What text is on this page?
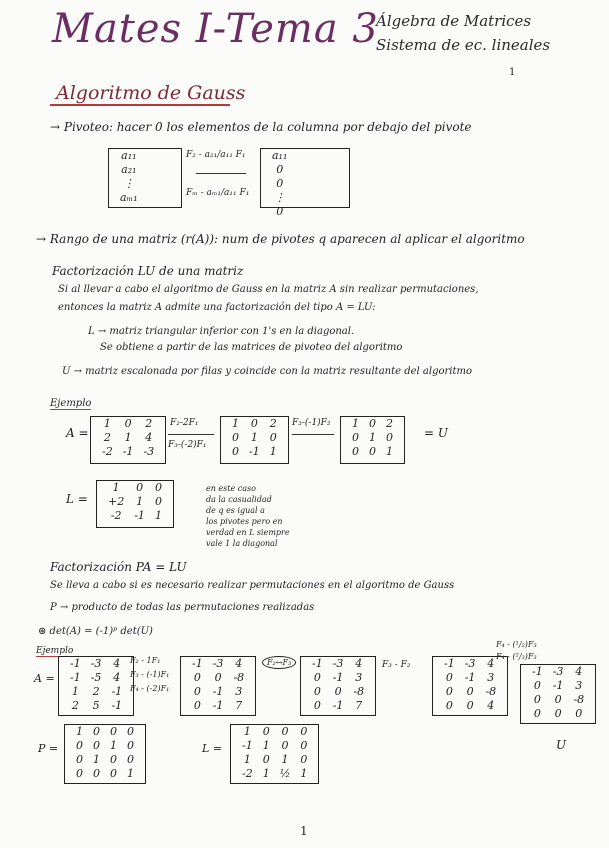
Mates I-Tema 3
Álgebra de Matrices
Sistema de ec. lineales
1
Algoritmo de Gauss
→ Pivoteo: hacer 0 los elementos de la columna por debajo del pivote
a₁₁		
a₂₁		
⋮		
aₘ₁		
F₂ - a₂₁/a₁₁ F₁
Fₘ - aₘ₁/a₁₁ F₁
a₁₁
0
0
⋮
0
→ Rango de una matriz (r(A)): num de pivotes q aparecen al aplicar el algoritmo
Factorización LU de una matriz
Si al llevar a cabo el algoritmo de Gauss en la matriz A sin realizar permutaciones,
entonces la matriz A admite una factorización del tipo A = LU:
L → matriz triangular inferior con 1's en la diagonal.
Se obtiene a partir de las matrices de pivoteo del algoritmo
U → matriz escalonada por filas y coincide con la matriz resultante del algoritmo
Ejemplo
A =
1	0	2
2	1	4
-2	-1	-3
F₂-2F₁
F₃-(-2)F₁
1	0	2
0	1	0
0	-1	1
F₃-(-1)F₂ 1	0	2
0	1	0
0	0	1
= U
L =
1	0	0
+2	1	0
-2	-1	1
en este caso
da la casualidad
de q es igual a
los pivotes pero en
verdad en L siempre
vale 1 la diagonal
Factorización PA = LU
Se lleva a cabo si es necesario realizar permutaciones en el algoritmo de Gauss
P → producto de todas las permutaciones realizadas
⊛ det(A) = (-1)ᵖ det(U)
Ejemplo
A =
-1	-3	4
-1	-5	4
1	2	-1
2	5	-1
F₂ - 1F₁
F₃ - (-1)F₁
F₄ - (-2)F₁
-1	-3	4
0	0	-8
0	-1	3
0	-1	7
F₂↔F₃	-1	-3	4
0	-1	3
0	0	-8
0	-1	7
F₃ - F₂	-1	-3	4
0	-1	3
0	0	-8
0	0	4
F₄ - (¹/₂)F₃
F₄ - (²/₃)F₃
-1	-3	4
0	-1	3
0	0	-8
0	0	0
U
P =
1	0	0	0
0	0	1	0
0	1	0	0
0	0	0	1
L =
1	0	0	0
-1	1	0	0
1	0	1	0
-2	1	½	1
1
